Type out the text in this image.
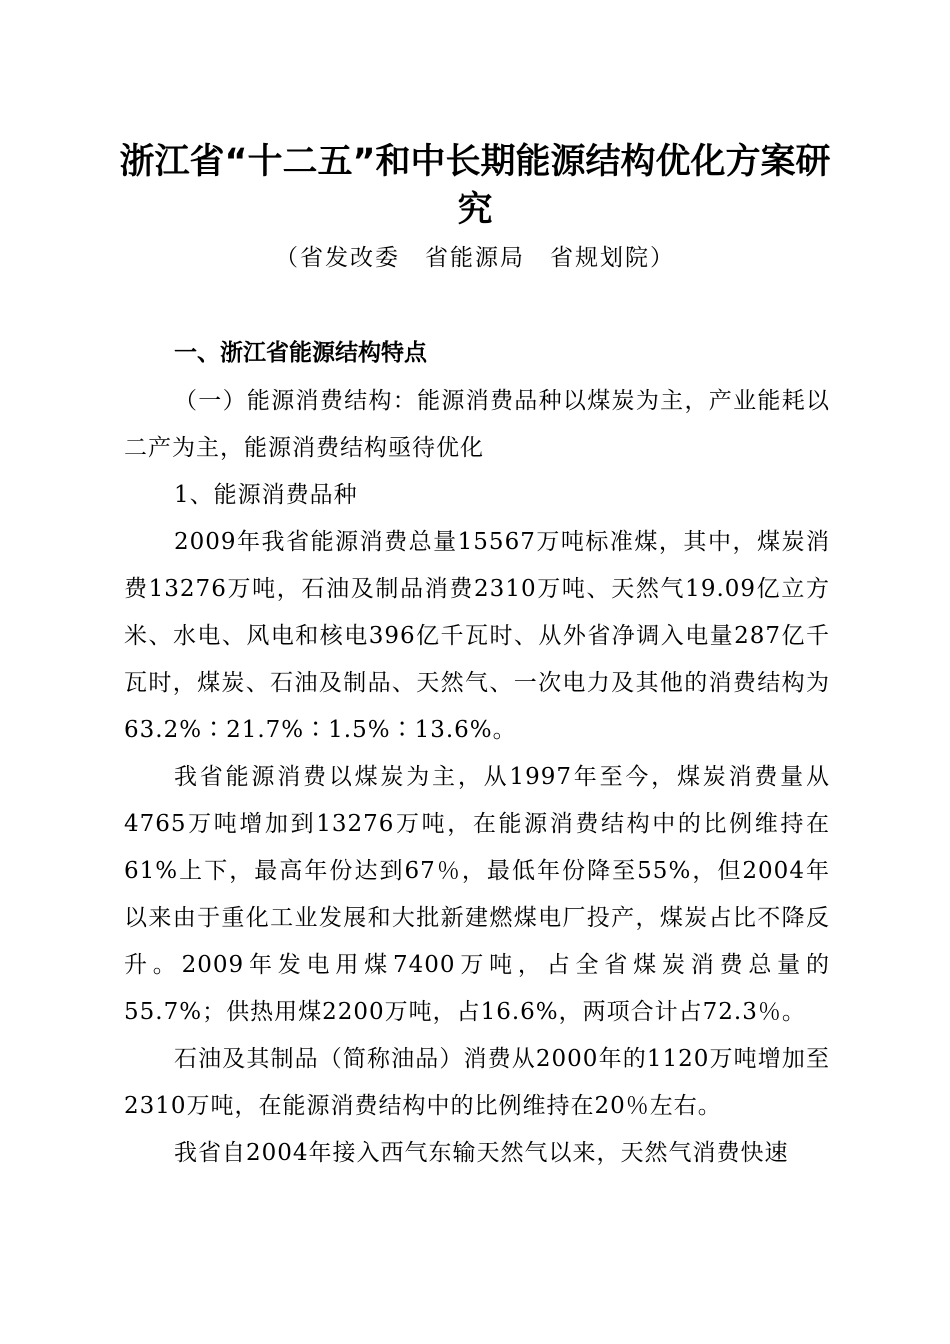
浙江省“十二五”和中长期能源结构优化方案研究

（省发改委　省能源局　省规划院）

一、浙江省能源结构特点

（一）能源消费结构：能源消费品种以煤炭为主，产业能耗以二产为主，能源消费结构亟待优化

1、能源消费品种

2009年我省能源消费总量15567万吨标准煤，其中，煤炭消费13276万吨，石油及制品消费2310万吨、天然气19.09亿立方米、水电、风电和核电396亿千瓦时、从外省净调入电量287亿千瓦时，煤炭、石油及制品、天然气、一次电力及其他的消费结构为63.2%∶21.7%∶1.5%∶13.6%。

我省能源消费以煤炭为主，从1997年至今，煤炭消费量从4765万吨增加到13276万吨，在能源消费结构中的比例维持在61%上下，最高年份达到67％，最低年份降至55%，但2004年以来由于重化工业发展和大批新建燃煤电厂投产，煤炭占比不降反升。2009年发电用煤7400万吨，占全省煤炭消费总量的55.7%；供热用煤2200万吨，占16.6%，两项合计占72.3％。

石油及其制品（简称油品）消费从2000年的1120万吨增加至2310万吨，在能源消费结构中的比例维持在20％左右。

我省自2004年接入西气东输天然气以来，天然气消费快速
